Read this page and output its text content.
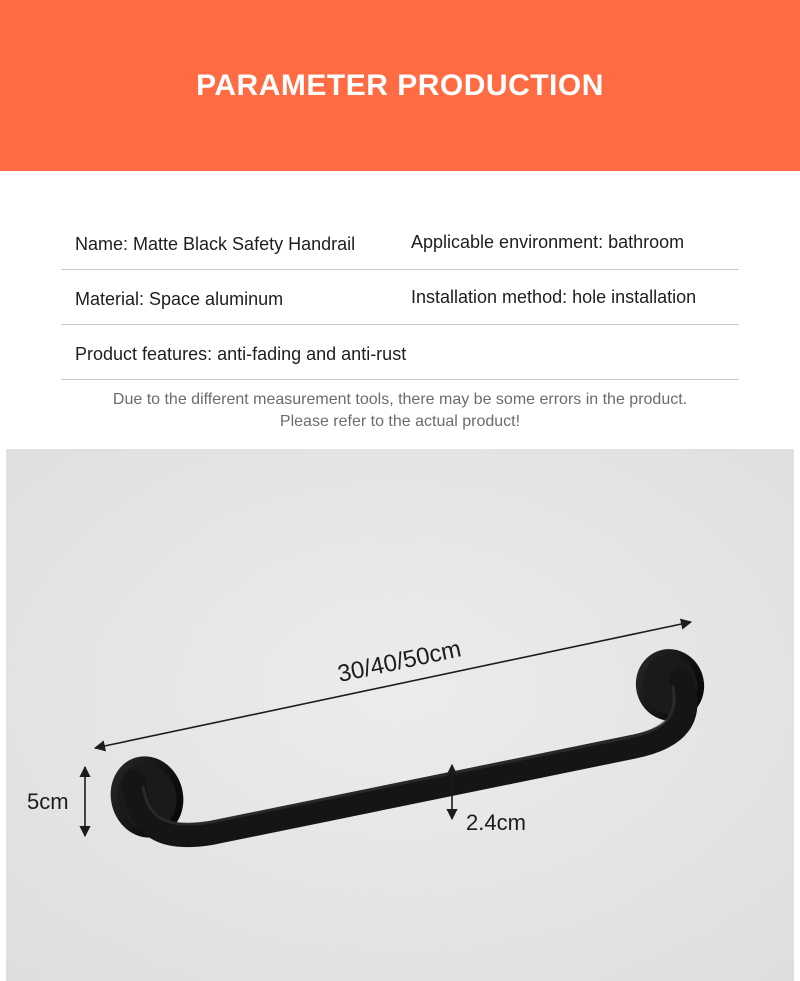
PARAMETER PRODUCTION
Name: Matte Black Safety Handrail	Applicable environment: bathroom
Material: Space aluminum	Installation method: hole installation
Product features: anti-fading and anti-rust
Due to the different measurement tools, there may be some errors in the product.
Please refer to the actual product!
30/40/50cm
5cm
2.4cm
